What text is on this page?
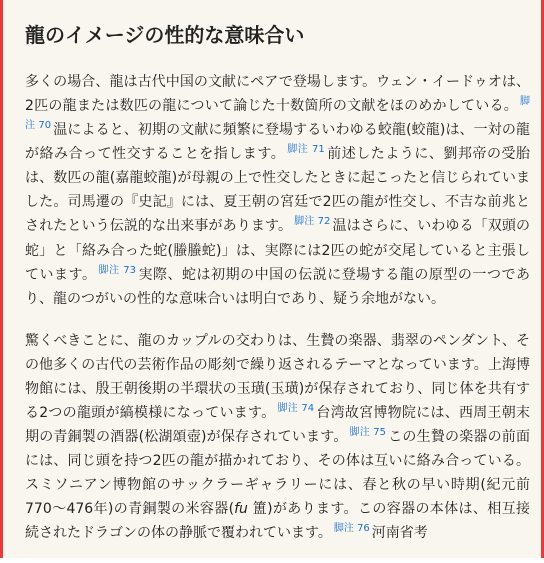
龍のイメージの性的な意味合い

多くの場合、龍は古代中国の文献にペアで登場します。ウェン・イードゥオは、2匹の龍または数匹の龍について論じた十数箇所の文献をほのめかしている。 $^{脚注 70}$ 温によると、初期の文献に頻繁に登場するいわゆる蛟龍(蛟龍)は、一対の龍が絡み合って性交することを指します。 $^{脚注 71}$ 前述したように、劉邦帝の受胎は、数匹の龍(嘉龍蛟龍)が母親の上で性交したときに起こったと信じられていました。司馬遷の『史記』には、夏王朝の宮廷で2匹の龍が性交し、不吉な前兆とされたという伝説的な出来事があります。 $^{脚注 72}$ 温はさらに、いわゆる「双頭の蛇」と「絡み合った蛇(螣螣蛇)」は、実際には2匹の蛇が交尾していると主張しています。 $^{脚注 73}$ 実際、蛇は初期の中国の伝説に登場する龍の原型の一つであり、龍のつがいの性的な意味合いは明白であり、疑う余地がない。

驚くべきことに、龍のカップルの交わりは、生贄の楽器、翡翠のペンダント、その他多くの古代の芸術作品の彫刻で繰り返されるテーマとなっています。上海博物館には、殷王朝後期の半環状の玉璜(玉璜)が保存されており、同じ体を共有する2つの龍頭が縞模様になっています。 $^{脚注 74}$ 台湾故宮博物院には、西周王朝末期の青銅製の酒器(松湖頌壺)が保存されています。 $^{脚注 75}$ この生贄の楽器の前面には、同じ頭を持つ2匹の龍が描かれており、その体は互いに絡み合っている。スミソニアン博物館のサックラーギャラリーには、春と秋の早い時期(紀元前770～476年)の青銅製の米容器(fu 簠)があります。この容器の本体は、相互接続されたドラゴンの体の静脈で覆われています。 $^{脚注 76}$ 河南省考
